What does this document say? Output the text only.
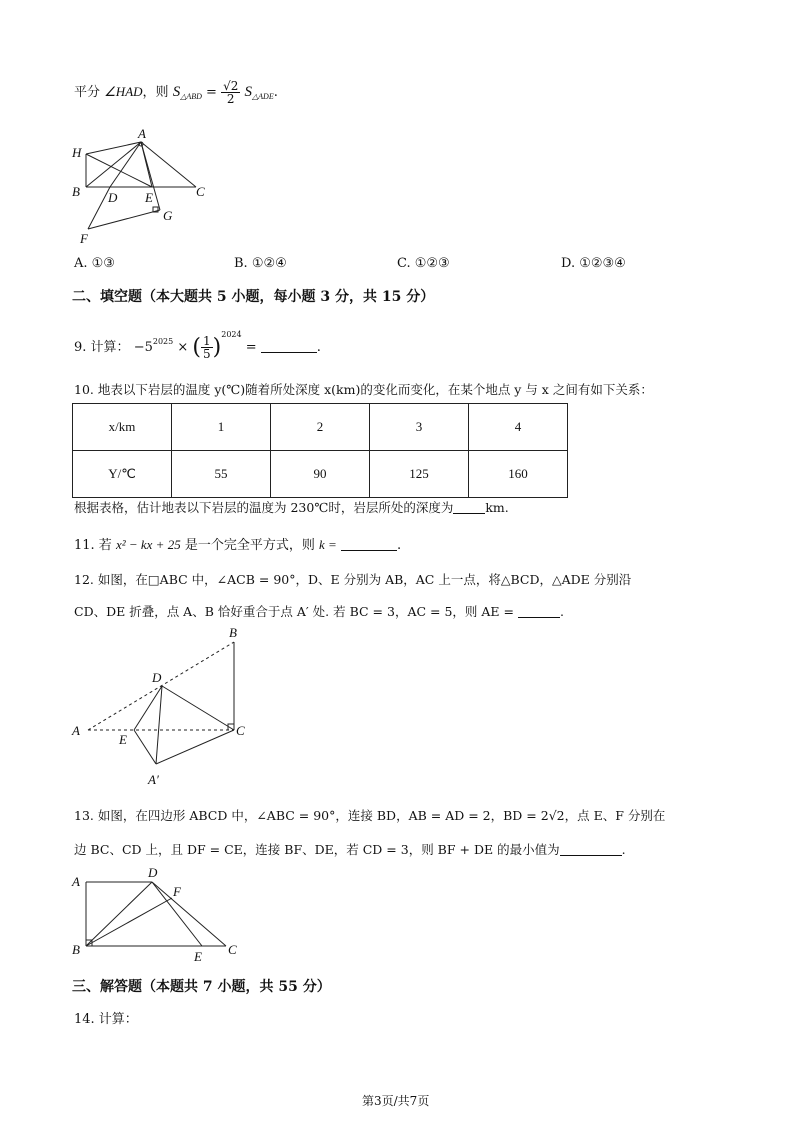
平分 ∠HAD，则 $S_{\triangle ABD} = \frac{√2}{2} S_{\triangle ADE}$.
A
H
B D E	C
G
F
A. ①③	B. ①②④	C. ①②③	D. ①②③④
二、填空题（本大题共 5 小题，每小题 3 分，共 15 分）
9. 计算： $-5^{2025}$ × ( $\frac{1}{5} )^{2024}$ =	.
10. 地表以下岩层的温度 y(℃)随着所处深度 x(km)的变化而变化，在某个地点 y 与 x 之间有如下关系：
x/km	1	2	3	4
Y/℃	55	90	125	160
根据表格，估计地表以下岩层的温度为 230℃时，岩层所处的深度为	km.
11. 若 x² − kx + 25 是一个完全平方式，则 k =	.
12. 如图，在□ABC 中，∠ACB = 90°，D、E 分别为 AB，AC 上一点，将△BCD，△ADE 分别沿
CD、DE 折叠，点 A、B 恰好重合于点 A′ 处. 若 BC = 3，AC = 5，则 AE =	.
B
D
A
E
C
A′
13. 如图，在四边形 ABCD 中，∠ABC = 90°，连接 BD，AB = AD = 2，BD = 2√2，点 E、F 分别在
边 BC、CD 上，且 DF = CE，连接 BF、DE，若 CD = 3，则 BF + DE 的最小值为	.
A
D
F
B	E C
三、解答题（本题共 7 小题，共 55 分）
14. 计算：
第3页/共7页
